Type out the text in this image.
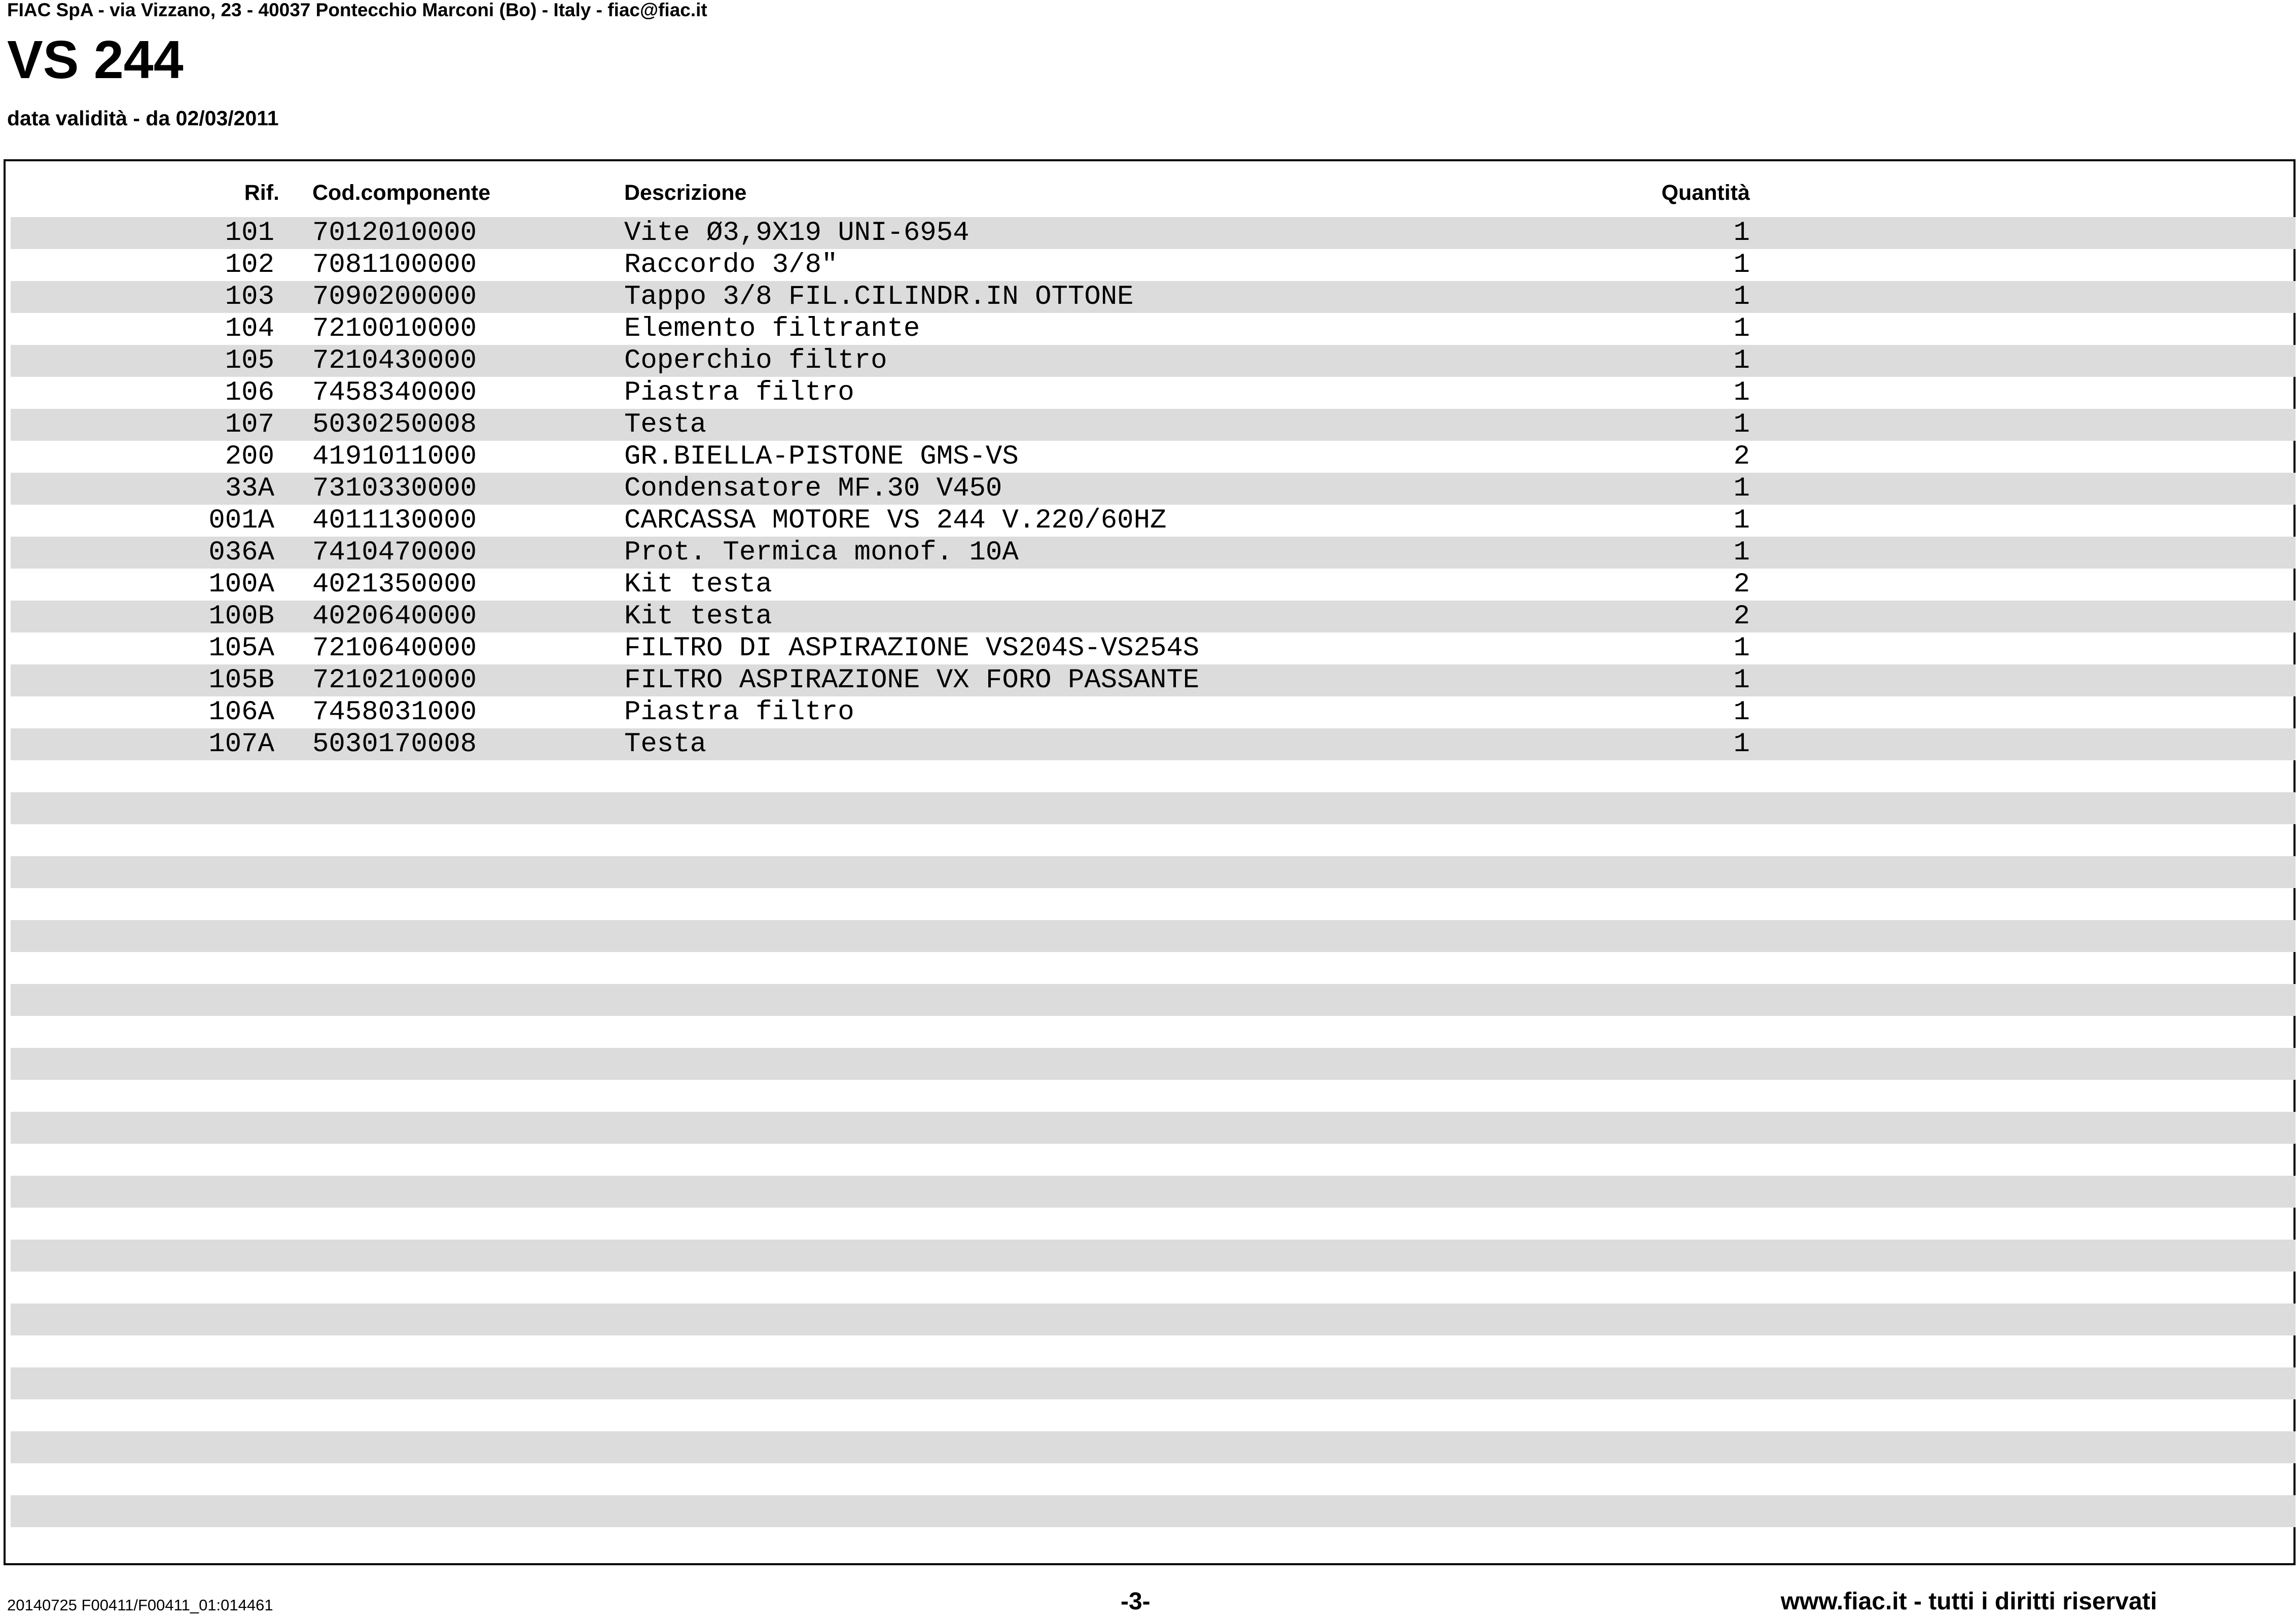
FIAC SpA - via Vizzano, 23 - 40037 Pontecchio Marconi (Bo) - Italy - fiac@fiac.it
VS 244
data validità - da 02/03/2011
Rif. Cod.componente	Descrizione	Quantità
101 7012010000	Vite Ø3,9X19 UNI-6954	1
102 7081100000	Raccordo 3/8"	1
103 7090200000	Tappo 3/8 FIL.CILINDR.IN OTTONE	1
104 7210010000	Elemento filtrante	1
105 7210430000	Coperchio filtro	1
106 7458340000	Piastra filtro	1
107 5030250008	Testa	1
200 4191011000	GR.BIELLA-PISTONE GMS-VS	2
33A 7310330000	Condensatore MF.30 V450	1
001A 4011130000	CARCASSA MOTORE VS 244 V.220/60HZ	1
036A 7410470000	Prot. Termica monof. 10A	1
100A 4021350000	Kit testa	2
100B 4020640000	Kit testa	2
105A 7210640000	FILTRO DI ASPIRAZIONE VS204S-VS254S	1
105B 7210210000	FILTRO ASPIRAZIONE VX FORO PASSANTE	1
106A 7458031000	Piastra filtro	1
107A 5030170008	Testa	1
20140725 F00411/F00411_01:014461	-3-	www.fiac.it - tutti i diritti riservati
